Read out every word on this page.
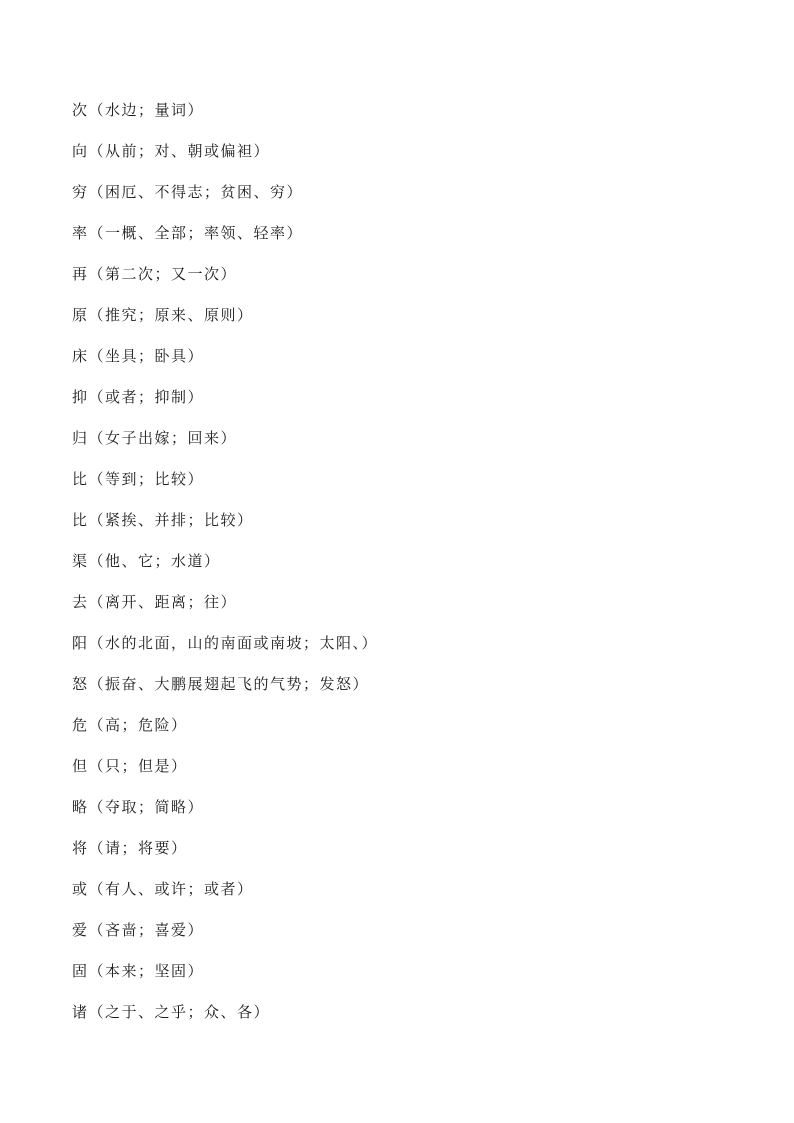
次（水边；量词）
向（从前；对、朝或偏袒）
穷（困厄、不得志；贫困、穷）
率（一概、全部；率领、轻率）
再（第二次；又一次）
原（推究；原来、原则）
床（坐具；卧具）
抑（或者；抑制）
归（女子出嫁；回来）
比（等到；比较）
比（紧挨、并排；比较）
渠（他、它；水道）
去（离开、距离；往）
阳（水的北面，山的南面或南坡；太阳、）
怒（振奋、大鹏展翅起飞的气势；发怒）
危（高；危险）
但（只；但是）
略（夺取；简略）
将（请；将要）
或（有人、或许；或者）
爱（吝啬；喜爱）
固（本来；坚固）
诸（之于、之乎；众、各）
